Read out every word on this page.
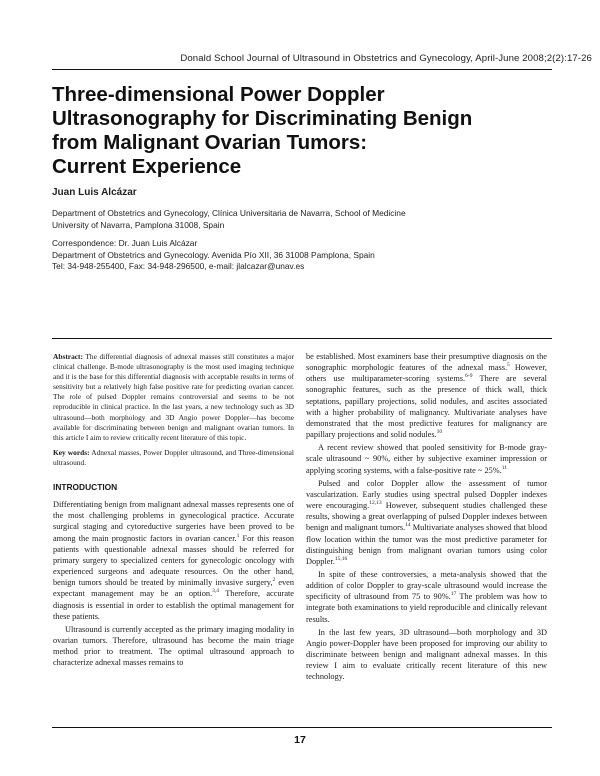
Donald School Journal of Ultrasound in Obstetrics and Gynecology, April-June 2008;2(2):17-26
Three-dimensional Power Doppler
Ultrasonography for Discriminating Benign
from Malignant Ovarian Tumors:
Current Experience
Juan Luis Alcázar
Department of Obstetrics and Gynecology, Clínica Universitaria de Navarra, School of Medicine
University of Navarra, Pamplona 31008, Spain
Correspondence: Dr. Juan Luis Alcázar
Department of Obstetrics and Gynecology. Avenida Pío XII, 36 31008 Pamplona, Spain
Tel: 34-948-255400, Fax: 34-948-296500, e-mail: jlalcazar@unav.es

Abstract: The differential diagnosis of adnexal masses still constitutes a major clinical challenge. B-mode ultrasonography is the most used imaging technique and it is the base for this differential diagnosis with acceptable results in terms of sensitivity but a relatively high false positive rate for predicting ovarian cancer. The role of pulsed Doppler remains controversial and seems to be not reproducible in clinical practice. In the last years, a new technology such as 3D ultrasound—both morphology and 3D Angio power Doppler—has become available for discriminating between benign and malignant ovarian tumors. In this article I aim to review critically recent literature of this topic.

Key words: Adnexal masses, Power Doppler ultrasound, and Three-dimensional ultrasound.

INTRODUCTION

Differentiating benign from malignant adnexal masses represents one of the most challenging problems in gynecological practice. Accurate surgical staging and cytoreductive surgeries have been proved to be among the main prognostic factors in ovarian cancer.$^1$ For this reason patients with questionable adnexal masses should be referred for primary surgery to specialized centers for gynecologic oncology with experienced surgeons and adequate resources. On the other hand, benign tumors should be treated by minimally invasive surgery,$^2$ even expectant management may be an option.$^{3,4}$ Therefore, accurate diagnosis is essential in order to establish the optimal management for these patients.

Ultrasound is currently accepted as the primary imaging modality in ovarian tumors. Therefore, ultrasound has become the main triage method prior to treatment. The optimal ultrasound approach to characterize adnexal masses remains to

be established. Most examiners base their presumptive diagnosis on the sonographic morphologic features of the adnexal mass.$^5$ However, others use multiparameter-scoring systems.$^{6-9}$ There are several sonographic features, such as the presence of thick wall, thick septations, papillary projections, solid nodules, and ascites associated with a higher probability of malignancy. Multivariate analyses have demonstrated that the most predictive features for malignancy are papillary projections and solid nodules.$^{10}$

A recent review showed that pooled sensitivity for B-mode gray-scale ultrasound ~ 90%, either by subjective examiner impression or applying scoring systems, with a false-positive rate ~ 25%.$^{11}$

Pulsed and color Doppler allow the assessment of tumor vascularization. Early studies using spectral pulsed Doppler indexes were encouraging.$^{12,13}$ However, subsequent studies challenged these results, showing a great overlapping of pulsed Doppler indexes between benign and malignant tumors.$^{14}$ Multivariate analyses showed that blood flow location within the tumor was the most predictive parameter for distinguishing benign from malignant ovarian tumors using color Doppler.$^{15,16}$

In spite of these controversies, a meta-analysis showed that the addition of color Doppler to gray-scale ultrasound would increase the specificity of ultrasound from 75 to 90%.$^{17}$ The problem was how to integrate both examinations to yield reproducible and clinically relevant results.

In the last few years, 3D ultrasound—both morphology and 3D Angio power-Doppler have been proposed for improving our ability to discriminate between benign and malignant adnexal masses. In this review I aim to evaluate critically recent literature of this new technology.

17
